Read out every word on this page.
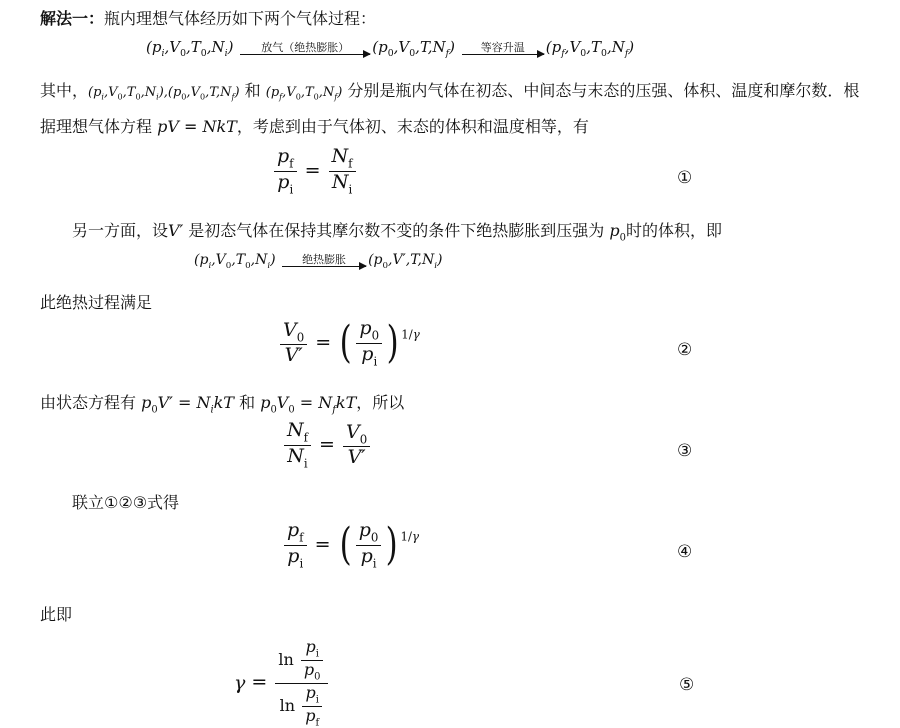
解法一：瓶内理想气体经历如下两个气体过程：
$(p_i,V_0,T_0,N_i)$	放气（绝热膨胀）	$(p_0,V_0,T,N_f)$	等容升温	$(p_f,V_0,T_0,N_f)$
其中，$(p_i,V_0,T_0,N_i),(p_0,V_0,T,N_f)$ 和 $(p_f,V_0,T_0,N_f)$ 分别是瓶内气体在初态、中间态与末态的压强、体积、温度和摩尔数．根
据理想气体方程 pV = NkT，考虑到由于气体初、末态的体积和温度相等，有
$\frac{p_f}{p_i} = \frac{N_f}{N_i}$	①
另一方面，设V′ 是初态气体在保持其摩尔数不变的条件下绝热膨胀到压强为 $p_0$时的体积，即
$(p_i,V_0,T_0,N_i)$	绝热膨胀	$(p_0,V',T,N_i)$
此绝热过程满足
$\frac{V_0}{V'}$ = ( $\frac{p_0}{p_i}$ ) $^{1/\gamma}$
②
由状态方程有 $p_0V' = N_ikT$ 和 $p_0V_0 = N_fkT$，所以
$\frac{N_f}{N_i} = \frac{V_0}{V'}$	③
联立①②③式得
$\frac{p_f}{p_i}$ = ( $\frac{p_0}{p_i}$ ) $^{1/\gamma}$
④
此即
$\gamma = \frac{\ln \frac{p_i}{p_0}}{\ln \frac{p_i}{p_f}}$	⑤
